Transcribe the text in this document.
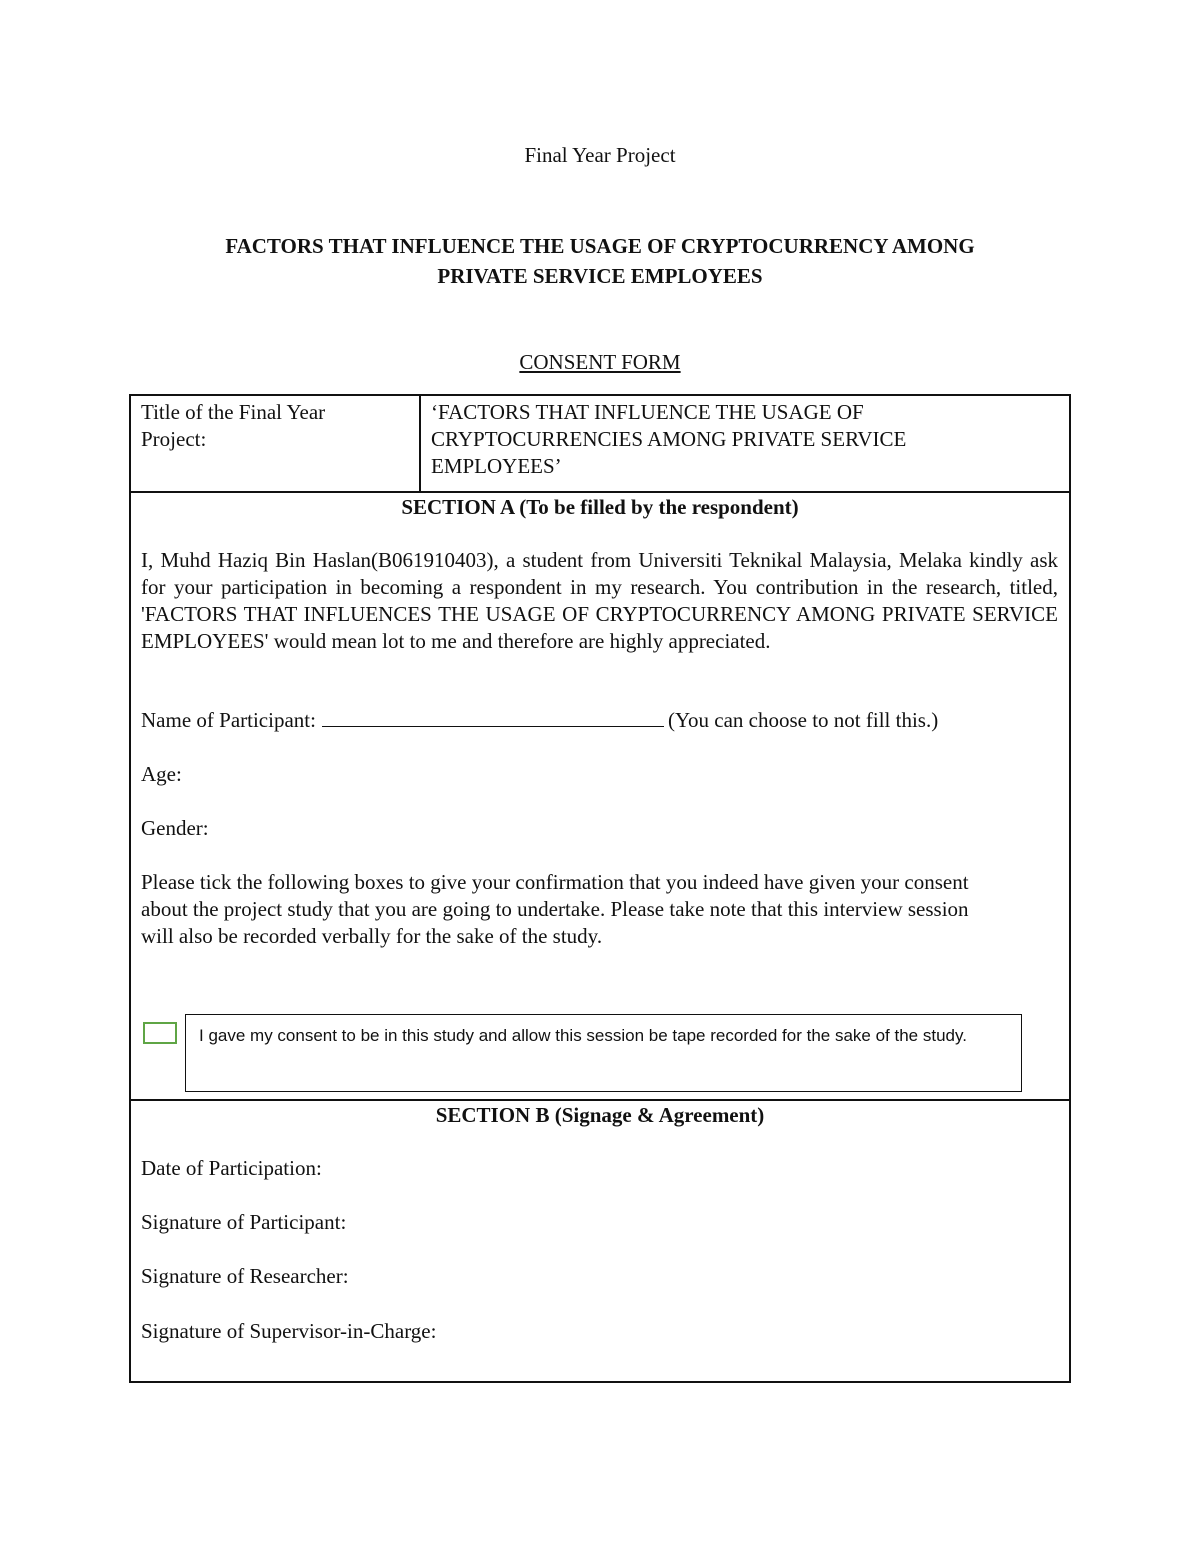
Final Year Project
FACTORS THAT INFLUENCE THE USAGE OF CRYPTOCURRENCY AMONG
PRIVATE SERVICE EMPLOYEES
CONSENT FORM
Title of the Final Year
Project:
‘FACTORS THAT INFLUENCE THE USAGE OF
CRYPTOCURRENCIES AMONG PRIVATE SERVICE
EMPLOYEES’
SECTION A (To be filled by the respondent)
I, Muhd Haziq Bin Haslan(B061910403), a student from Universiti Teknikal Malaysia, Melaka kindly ask for your participation in becoming a respondent in my research. You contribution in the research, titled, 'FACTORS THAT INFLUENCES THE USAGE OF CRYPTOCURRENCY AMONG PRIVATE SERVICE EMPLOYEES' would mean lot to me and therefore are highly appreciated.
Name of Participant:	(You can choose to not fill this.)
Age:
Gender:
Please tick the following boxes to give your confirmation that you indeed have given your consent
about the project study that you are going to undertake. Please take note that this interview session
will also be recorded verbally for the sake of the study.
I gave my consent to be in this study and allow this session be tape recorded for the sake of the study.
SECTION B (Signage & Agreement)
Date of Participation:
Signature of Participant:
Signature of Researcher:
Signature of Supervisor-in-Charge:
